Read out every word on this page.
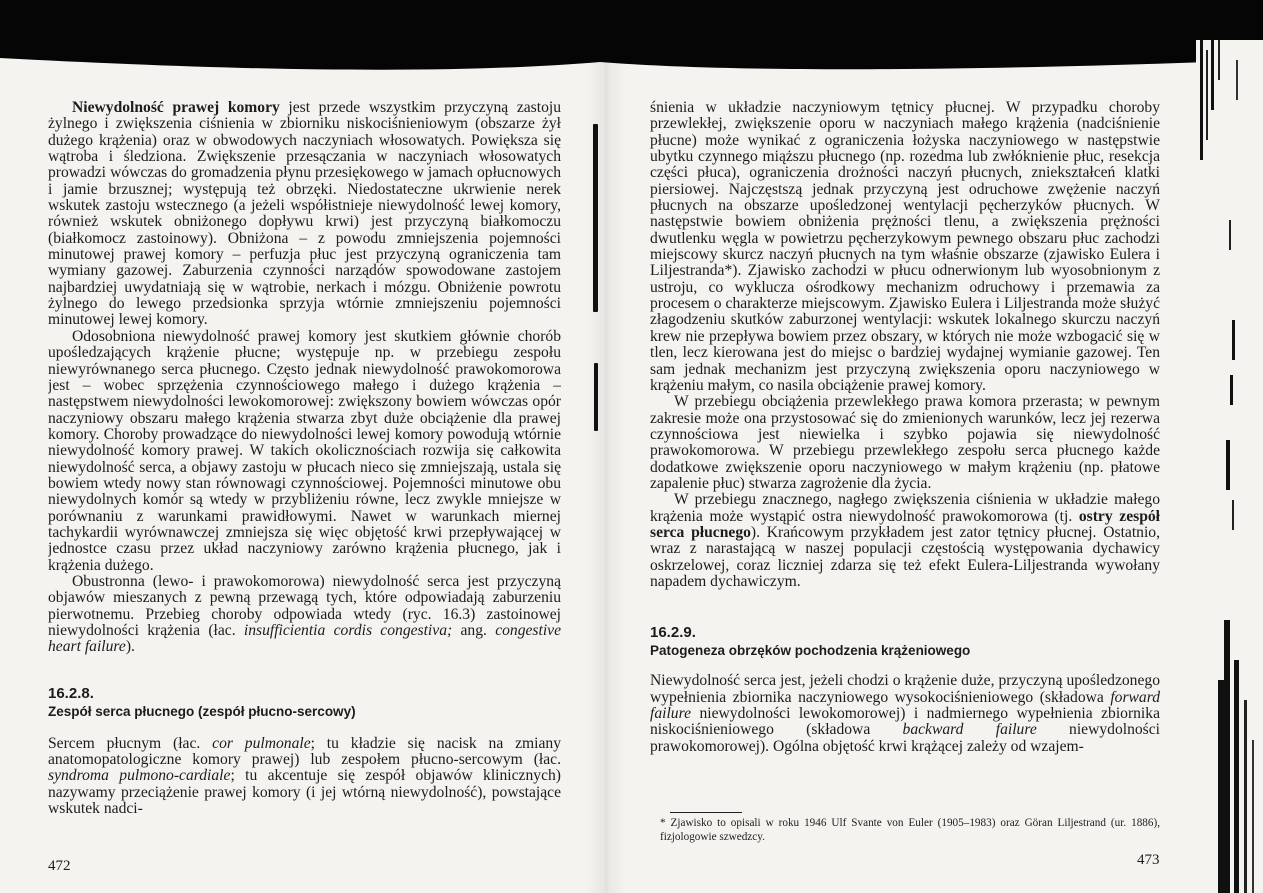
Niewydolność prawej komory jest przede wszystkim przyczyną zastoju żylnego i zwiększenia ciśnienia w zbiorniku niskociśnieniowym (obszarze żył dużego krążenia) oraz w obwodowych naczyniach włosowatych. Powiększa się wątroba i śledziona. Zwiększenie przesączania w naczyniach włosowatych prowadzi wówczas do gromadzenia płynu przesiękowego w jamach opłucnowych i jamie brzusznej; występują też obrzęki. Niedostateczne ukrwienie nerek wskutek zastoju wstecznego (a jeżeli współistnieje niewydolność lewej komory, również wskutek obniżonego dopływu krwi) jest przyczyną białkomoczu (białkomocz zastoinowy). Obniżona – z powodu zmniejszenia pojemności minutowej prawej komory – perfuzja płuc jest przyczyną ograniczenia tam wymiany gazowej. Zaburzenia czynności narządów spowodowane zastojem najbardziej uwydatniają się w wątrobie, nerkach i mózgu. Obniżenie powrotu żylnego do lewego przedsionka sprzyja wtórnie zmniejszeniu pojemności minutowej lewej komory.

Odosobniona niewydolność prawej komory jest skutkiem głównie chorób upośledzających krążenie płucne; występuje np. w przebiegu zespołu niewyrównanego serca płucnego. Często jednak niewydolność prawokomorowa jest – wobec sprzężenia czynnościowego małego i dużego krążenia – następstwem niewydolności lewokomorowej: zwiększony bowiem wówczas opór naczyniowy obszaru małego krążenia stwarza zbyt duże obciążenie dla prawej komory. Choroby prowadzące do niewydolności lewej komory powodują wtórnie niewydolność komory prawej. W takich okolicznościach rozwija się całkowita niewydolność serca, a objawy zastoju w płucach nieco się zmniejszają, ustala się bowiem wtedy nowy stan równowagi czynnościowej. Pojemności minutowe obu niewydolnych komór są wtedy w przybliżeniu równe, lecz zwykle mniejsze w porównaniu z warunkami prawidłowymi. Nawet w warunkach miernej tachykardii wyrównawczej zmniejsza się więc objętość krwi przepływającej w jednostce czasu przez układ naczyniowy zarówno krążenia płucnego, jak i krążenia dużego.

Obustronna (lewo- i prawokomorowa) niewydolność serca jest przyczyną objawów mieszanych z pewną przewagą tych, które odpowiadają zaburzeniu pierwotnemu. Przebieg choroby odpowiada wtedy (ryc. 16.3) zastoinowej niewydolności krążenia (łac. insufficientia cordis congestiva; ang. congestive heart failure).

16.2.8.

Zespół serca płucnego (zespół płucno-sercowy)

Sercem płucnym (łac. cor pulmonale; tu kładzie się nacisk na zmiany anatomopatologiczne komory prawej) lub zespołem płucno-sercowym (łac. syndroma pulmono-cardiale; tu akcentuje się zespół objawów klinicznych) nazywamy przeciążenie prawej komory (i jej wtórną niewydolność), powstające wskutek nadci-

472

śnienia w układzie naczyniowym tętnicy płucnej. W przypadku choroby przewlekłej, zwiększenie oporu w naczyniach małego krążenia (nadciśnienie płucne) może wynikać z ograniczenia łożyska naczyniowego w następstwie ubytku czynnego miąższu płucnego (np. rozedma lub zwłóknienie płuc, resekcja części płuca), ograniczenia drożności naczyń płucnych, zniekształceń klatki piersiowej. Najczęstszą jednak przyczyną jest odruchowe zwężenie naczyń płucnych na obszarze upośledzonej wentylacji pęcherzyków płucnych. W następstwie bowiem obniżenia prężności tlenu, a zwiększenia prężności dwutlenku węgla w powietrzu pęcherzykowym pewnego obszaru płuc zachodzi miejscowy skurcz naczyń płucnych na tym właśnie obszarze (zjawisko Eulera i Liljestranda*). Zjawisko zachodzi w płucu odnerwionym lub wyosobnionym z ustroju, co wyklucza ośrodkowy mechanizm odruchowy i przemawia za procesem o charakterze miejscowym. Zjawisko Eulera i Liljestranda może służyć złagodzeniu skutków zaburzonej wentylacji: wskutek lokalnego skurczu naczyń krew nie przepływa bowiem przez obszary, w których nie może wzbogacić się w tlen, lecz kierowana jest do miejsc o bardziej wydajnej wymianie gazowej. Ten sam jednak mechanizm jest przyczyną zwiększenia oporu naczyniowego w krążeniu małym, co nasila obciążenie prawej komory.

W przebiegu obciążenia przewlekłego prawa komora przerasta; w pewnym zakresie może ona przystosować się do zmienionych warunków, lecz jej rezerwa czynnościowa jest niewielka i szybko pojawia się niewydolność prawokomorowa. W przebiegu przewlekłego zespołu serca płucnego każde dodatkowe zwiększenie oporu naczyniowego w małym krążeniu (np. płatowe zapalenie płuc) stwarza zagrożenie dla życia.

W przebiegu znacznego, nagłego zwiększenia ciśnienia w układzie małego krążenia może wystąpić ostra niewydolność prawokomorowa (tj. ostry zespół serca płucnego). Krańcowym przykładem jest zator tętnicy płucnej. Ostatnio, wraz z narastającą w naszej populacji częstością występowania dychawicy oskrzelowej, coraz liczniej zdarza się też efekt Eulera-Liljestranda wywołany napadem dychawiczym.

16.2.9.

Patogeneza obrzęków pochodzenia krążeniowego

Niewydolność serca jest, jeżeli chodzi o krążenie duże, przyczyną upośledzonego wypełnienia zbiornika naczyniowego wysokociśnieniowego (składowa forward failure niewydolności lewokomorowej) i nadmiernego wypełnienia zbiornika niskociśnieniowego (składowa backward failure niewydolności prawokomorowej). Ogólna objętość krwi krążącej zależy od wzajem-

* Zjawisko to opisali w roku 1946 Ulf Svante von Euler (1905–1983) oraz Göran Liljestrand (ur. 1886), fizjologowie szwedzcy.
473
